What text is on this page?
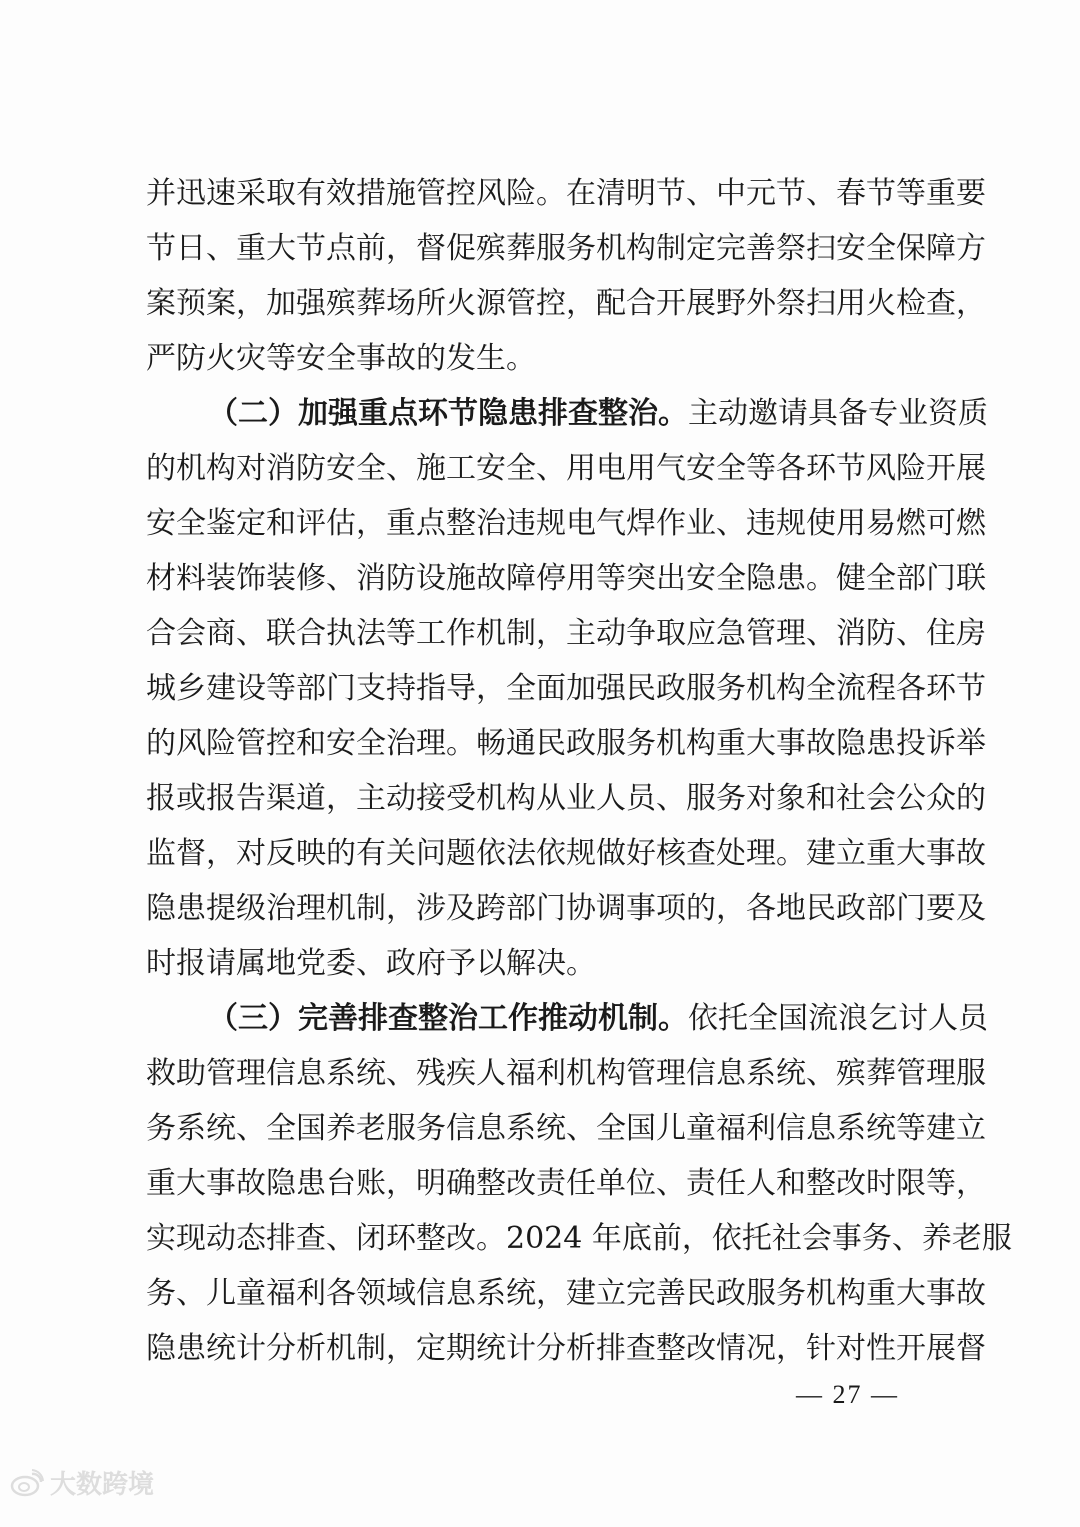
并迅速采取有效措施管控风险。在清明节、中元节、春节等重要
节日、重大节点前，督促殡葬服务机构制定完善祭扫安全保障方
案预案，加强殡葬场所火源管控，配合开展野外祭扫用火检查，
严防火灾等安全事故的发生。
（二）加强重点环节隐患排查整治。主动邀请具备专业资质
的机构对消防安全、施工安全、用电用气安全等各环节风险开展
安全鉴定和评估，重点整治违规电气焊作业、违规使用易燃可燃
材料装饰装修、消防设施故障停用等突出安全隐患。健全部门联
合会商、联合执法等工作机制，主动争取应急管理、消防、住房
城乡建设等部门支持指导，全面加强民政服务机构全流程各环节
的风险管控和安全治理。畅通民政服务机构重大事故隐患投诉举
报或报告渠道，主动接受机构从业人员、服务对象和社会公众的
监督，对反映的有关问题依法依规做好核查处理。建立重大事故
隐患提级治理机制，涉及跨部门协调事项的，各地民政部门要及
时报请属地党委、政府予以解决。
（三）完善排查整治工作推动机制。依托全国流浪乞讨人员
救助管理信息系统、残疾人福利机构管理信息系统、殡葬管理服
务系统、全国养老服务信息系统、全国儿童福利信息系统等建立
重大事故隐患台账，明确整改责任单位、责任人和整改时限等，
实现动态排查、闭环整改。2024 年底前，依托社会事务、养老服
务、儿童福利各领域信息系统，建立完善民政服务机构重大事故
隐患统计分析机制，定期统计分析排查整改情况，针对性开展督
— 27 —
大数跨境
